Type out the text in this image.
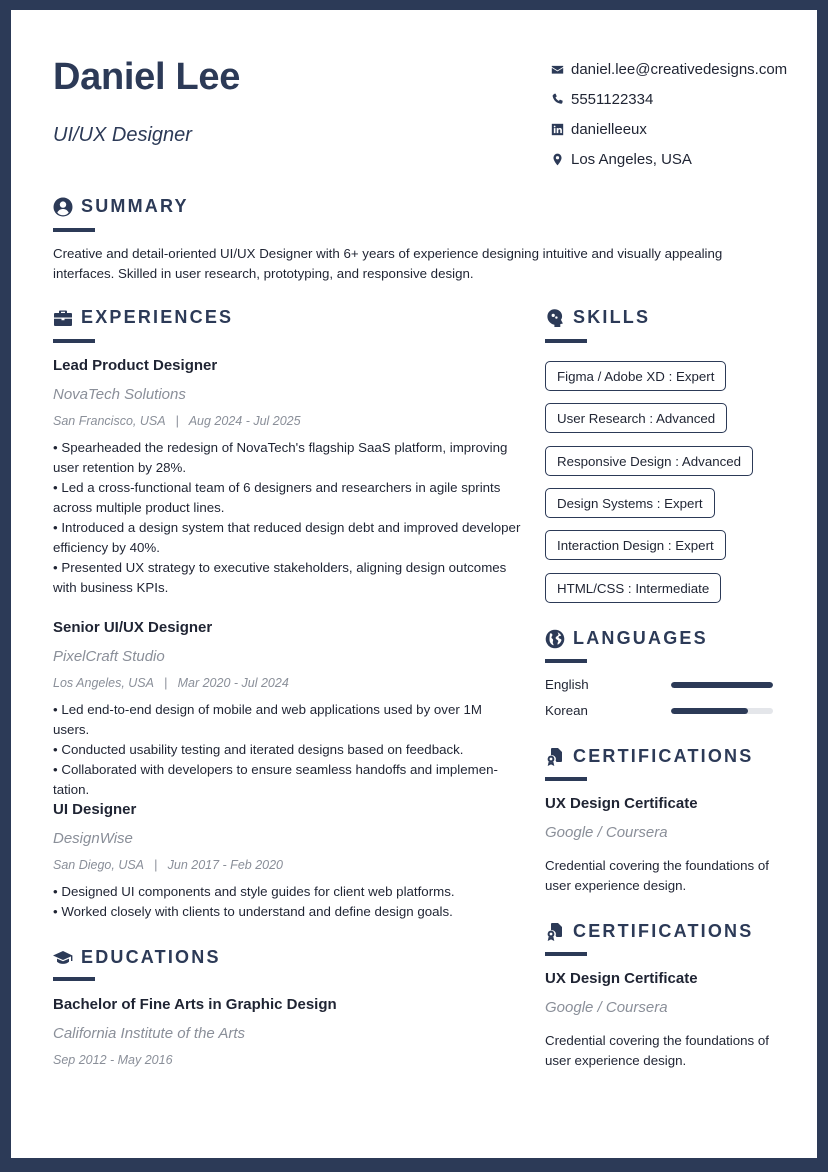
Daniel Lee
UI/UX Designer
daniel.lee@creativedesigns.com
5551122334
danielleeux
Los Angeles, USA
SUMMARY
Creative and detail-oriented UI/UX Designer with 6+ years of experience designing intuitive and visually appealing interfaces. Skilled in user research, prototyping, and responsive design.
EXPERIENCES
Lead Product Designer
NovaTech Solutions
San Francisco, USA   |   Aug 2024 - Jul 2025
• Spearheaded the redesign of NovaTech's flagship SaaS platform, improving user retention by 28%.
• Led a cross-functional team of 6 designers and researchers in agile sprints across multiple product lines.
• Introduced a design system that reduced design debt and improved developer efficiency by 40%.
• Presented UX strategy to executive stakeholders, aligning design outcomes with business KPIs.
Senior UI/UX Designer
PixelCraft Studio
Los Angeles, USA   |   Mar 2020 - Jul 2024
• Led end-to-end design of mobile and web applications used by over 1M users.
• Conducted usability testing and iterated designs based on feedback.
• Collaborated with developers to ensure seamless handoffs and implemen-tation.
UI Designer
DesignWise
San Diego, USA   |   Jun 2017 - Feb 2020
• Designed UI components and style guides for client web platforms.
• Worked closely with clients to understand and define design goals.
EDUCATIONS
Bachelor of Fine Arts in Graphic Design
California Institute of the Arts
Sep 2012 - May 2016
SKILLS
Figma / Adobe XD : Expert
User Research : Advanced
Responsive Design : Advanced
Design Systems : Expert
Interaction Design : Expert
HTML/CSS : Intermediate
LANGUAGES
English
Korean
CERTIFICATIONS
UX Design Certificate
Google / Coursera
Credential covering the foundations of user experience design.
CERTIFICATIONS
UX Design Certificate
Google / Coursera
Credential covering the foundations of user experience design.
